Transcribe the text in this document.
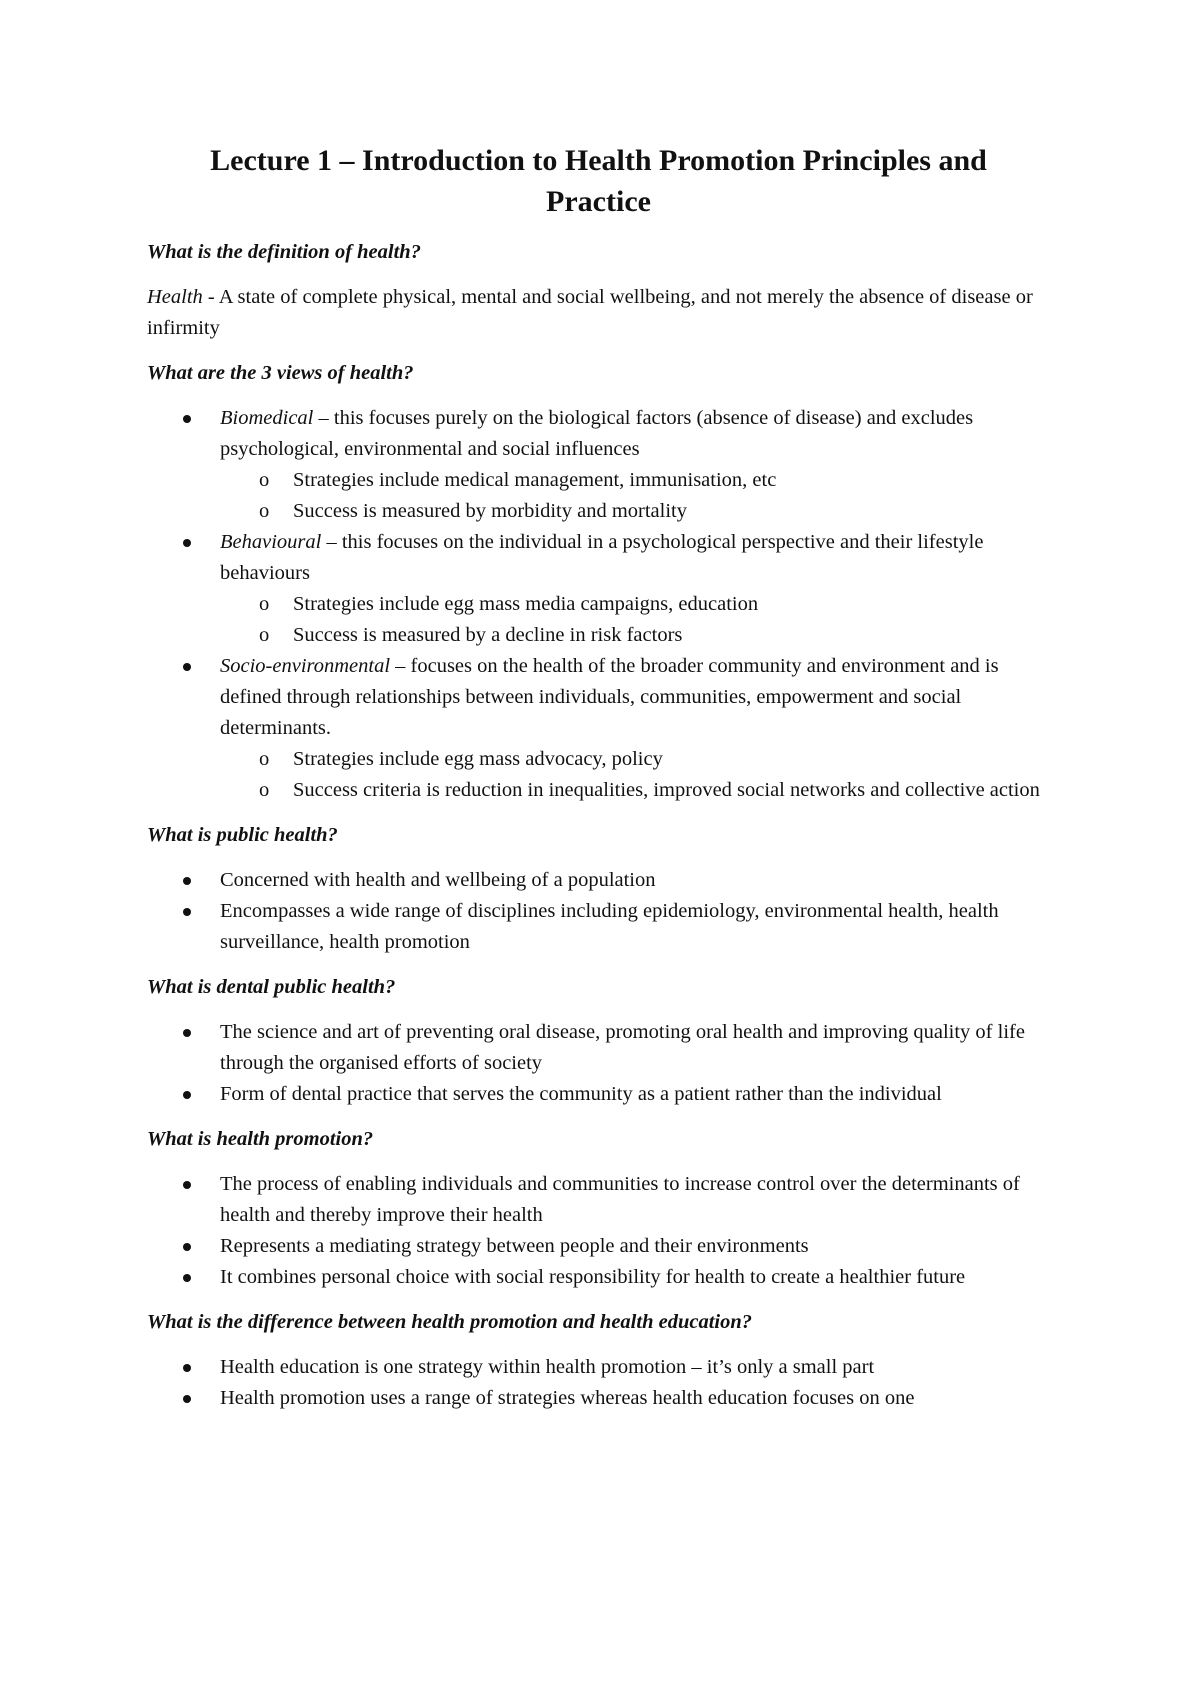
Lecture 1 – Introduction to Health Promotion Principles and Practice
What is the definition of health?
Health - A state of complete physical, mental and social wellbeing, and not merely the absence of disease or infirmity
What are the 3 views of health?
Biomedical – this focuses purely on the biological factors (absence of disease) and excludes psychological, environmental and social influences
o Strategies include medical management, immunisation, etc
o Success is measured by morbidity and mortality
Behavioural – this focuses on the individual in a psychological perspective and their lifestyle behaviours
o Strategies include egg mass media campaigns, education
o Success is measured by a decline in risk factors
Socio-environmental – focuses on the health of the broader community and environment and is defined through relationships between individuals, communities, empowerment and social determinants.
o Strategies include egg mass advocacy, policy
o Success criteria is reduction in inequalities, improved social networks and collective action
What is public health?
Concerned with health and wellbeing of a population
Encompasses a wide range of disciplines including epidemiology, environmental health, health surveillance, health promotion
What is dental public health?
The science and art of preventing oral disease, promoting oral health and improving quality of life through the organised efforts of society
Form of dental practice that serves the community as a patient rather than the individual
What is health promotion?
The process of enabling individuals and communities to increase control over the determinants of health and thereby improve their health
Represents a mediating strategy between people and their environments
It combines personal choice with social responsibility for health to create a healthier future
What is the difference between health promotion and health education?
Health education is one strategy within health promotion – it’s only a small part
Health promotion uses a range of strategies whereas health education focuses on one
